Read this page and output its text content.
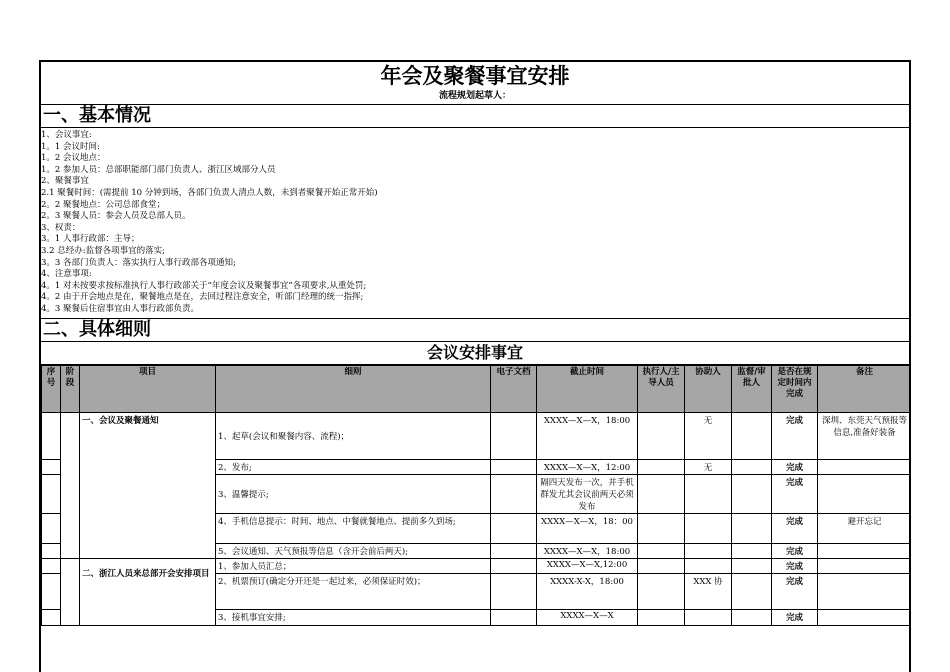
年会及聚餐事宜安排
流程规划起草人：
一、基本情况
1、会议事宜:
1。1 会议时间:
1。2 会议地点：
1。2 参加人员：总部职能部门部门负责人、浙江区域部分人员
2、聚餐事宜
2.1 聚餐时间：(需提前 10 分钟到场，各部门负责人清点人数，未到者聚餐开始正常开始)
2。2 聚餐地点：公司总部食堂；
2。3 聚餐人员：参会人员及总部人员。
3、权责：
3。1 人事行政部：主导；
3.2 总经办:监督各项事宜的落实;
3。3 各部门负责人：落实执行人事行政部各项通知;
4、注意事项:
4。1 对未按要求按标准执行人事行政部关于“年度会议及聚餐事宜”各项要求,从重处罚;
4。2 由于开会地点是在，聚餐地点是在，去回过程注意安全，听部门经理的统一指挥;
4。3 聚餐后住宿事宜由人事行政部负责。
二、具体细则
会议安排事宜
序号	阶段	项目	细则	电子文档	截止时间	执行人/主导人员	协助人	监督/审批人	是否在规定时间内完成	备注
		一、会议及聚餐通知	1、起草(会议和聚餐内容、流程)；		XXXX—X—X，18:00		无		完成	深圳、东莞天气预报等信息,准备好装备
			2、发布;		XXXX—X—X，12:00		无		完成	
			3、温馨提示;		隔四天发布一次，并手机群发尤其会议前两天必须发布				完成	
			4、手机信息提示：时间、地点、中餐就餐地点、提前多久到场;		XXXX—X—X，18：00				完成	避开忘记
			5、会议通知、天气预报等信息（含开会前后两天);		XXXX—X—X，18:00				完成	
		二、浙江人员来总部开会安排项目	1、参加人员汇总；		XXXX—X—X,12:00				完成	
			2、机票预订(确定分开还是一起过来，必须保证时效)；		XXXX-X-X，18:00		XXX 协		完成	
			3、接机事宜安排;		XXXX—X—X				完成	
